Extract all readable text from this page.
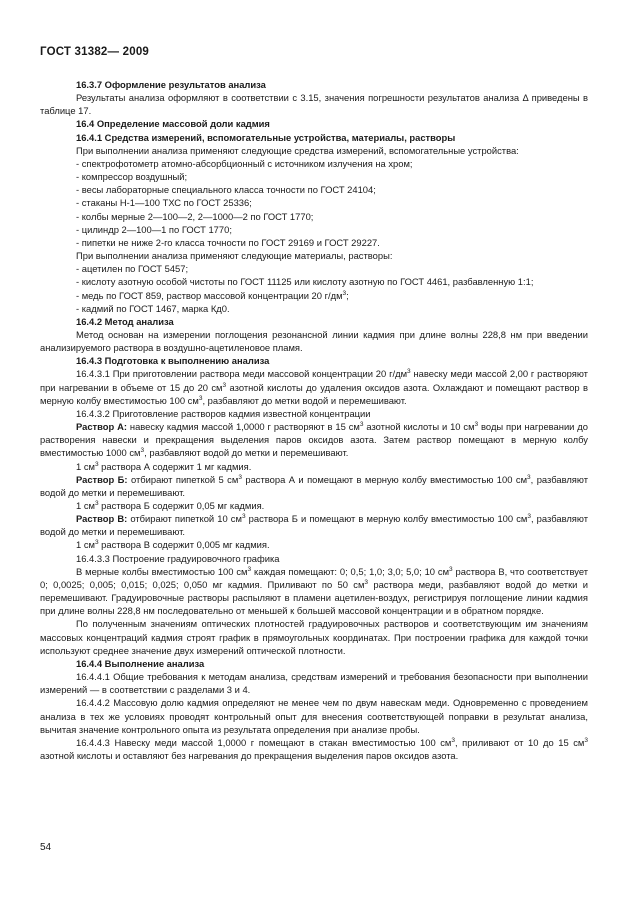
ГОСТ 31382— 2009

16.3.7 Оформление результатов анализа

Результаты анализа оформляют в соответствии с 3.15, значения погрешности результатов анализа Δ приведены в таблице 17.

16.4 Определение массовой доли кадмия

16.4.1 Средства измерений, вспомогательные устройства, материалы, растворы

При выполнении анализа применяют следующие средства измерений, вспомогательные устройства:

- спектрофотометр атомно-абсорбционный с источником излучения на хром;

- компрессор воздушный;

- весы лабораторные специального класса точности по ГОСТ 24104;

- стаканы Н-1—100 ТХС по ГОСТ 25336;

- колбы мерные 2—100—2, 2—1000—2 по ГОСТ 1770;

- цилиндр 2—100—1 по ГОСТ 1770;

- пипетки не ниже 2-го класса точности по ГОСТ 29169 и ГОСТ 29227.

При выполнении анализа применяют следующие материалы, растворы:

- ацетилен по ГОСТ 5457;

- кислоту азотную особой чистоты по ГОСТ 11125 или кислоту азотную по ГОСТ 4461, разбавленную 1:1;

- медь по ГОСТ 859, раствор массовой концентрации 20 $г/дм^3$;

- кадмий по ГОСТ 1467, марка Кд0.

16.4.2 Метод анализа

Метод основан на измерении поглощения резонансной линии кадмия при длине волны 228,8 нм при введении анализируемого раствора в воздушно-ацетиленовое пламя.

16.4.3 Подготовка к выполнению анализа

16.4.3.1 При приготовлении раствора меди массовой концентрации 20 $г/дм^3$ навеску меди массой 2,00 г растворяют при нагревании в объеме от 15 до 20 $см^3$ азотной кислоты до удаления оксидов азота. Охлаждают и помещают раствор в мерную колбу вместимостью 100 $см^3$, разбавляют до метки водой и перемешивают.

16.4.3.2 Приготовление растворов кадмия известной концентрации

Раствор А: навеску кадмия массой 1,0000 г растворяют в 15 $см^3$ азотной кислоты и 10 $см^3$ воды при нагревании до растворения навески и прекращения выделения паров оксидов азота. Затем раствор помещают в мерную колбу вместимостью 1000 $см^3$, разбавляют водой до метки и перемешивают.

1 $см^3$ раствора А содержит 1 мг кадмия.

Раствор Б: отбирают пипеткой 5 $см^3$ раствора А и помещают в мерную колбу вместимостью 100 $см^3$, разбавляют водой до метки и перемешивают.

1 $см^3$ раствора Б содержит 0,05 мг кадмия.

Раствор В: отбирают пипеткой 10 $см^3$ раствора Б и помещают в мерную колбу вместимостью 100 $см^3$, разбавляют водой до метки и перемешивают.

1 $см^3$ раствора В содержит 0,005 мг кадмия.

16.4.3.3 Построение градуировочного графика

В мерные колбы вместимостью 100 $см^3$ каждая помещают: 0; 0,5; 1,0; 3,0; 5,0; 10 $см^3$ раствора В, что соответствует 0; 0,0025; 0,005; 0,015; 0,025; 0,050 мг кадмия. Приливают по 50 $см^3$ раствора меди, разбавляют водой до метки и перемешивают. Градуировочные растворы распыляют в пламени ацетилен-воздух, регистрируя поглощение линии кадмия при длине волны 228,8 нм последовательно от меньшей к большей массовой концентрации и в обратном порядке.

По полученным значениям оптических плотностей градуировочных растворов и соответствующим им значениям массовых концентраций кадмия строят график в прямоугольных координатах. При построении графика для каждой точки используют среднее значение двух измерений оптической плотности.

16.4.4 Выполнение анализа

16.4.4.1 Общие требования к методам анализа, средствам измерений и требования безопасности при выполнении измерений — в соответствии с разделами 3 и 4.

16.4.4.2 Массовую долю кадмия определяют не менее чем по двум навескам меди. Одновременно с проведением анализа в тех же условиях проводят контрольный опыт для внесения соответствующей поправки в результат анализа, вычитая значение контрольного опыта из результата определения при анализе пробы.

16.4.4.3 Навеску меди массой 1,0000 г помещают в стакан вместимостью 100 $см^3$, приливают от 10 до 15 $см^3$ азотной кислоты и оставляют без нагревания до прекращения выделения паров оксидов азота.

54
